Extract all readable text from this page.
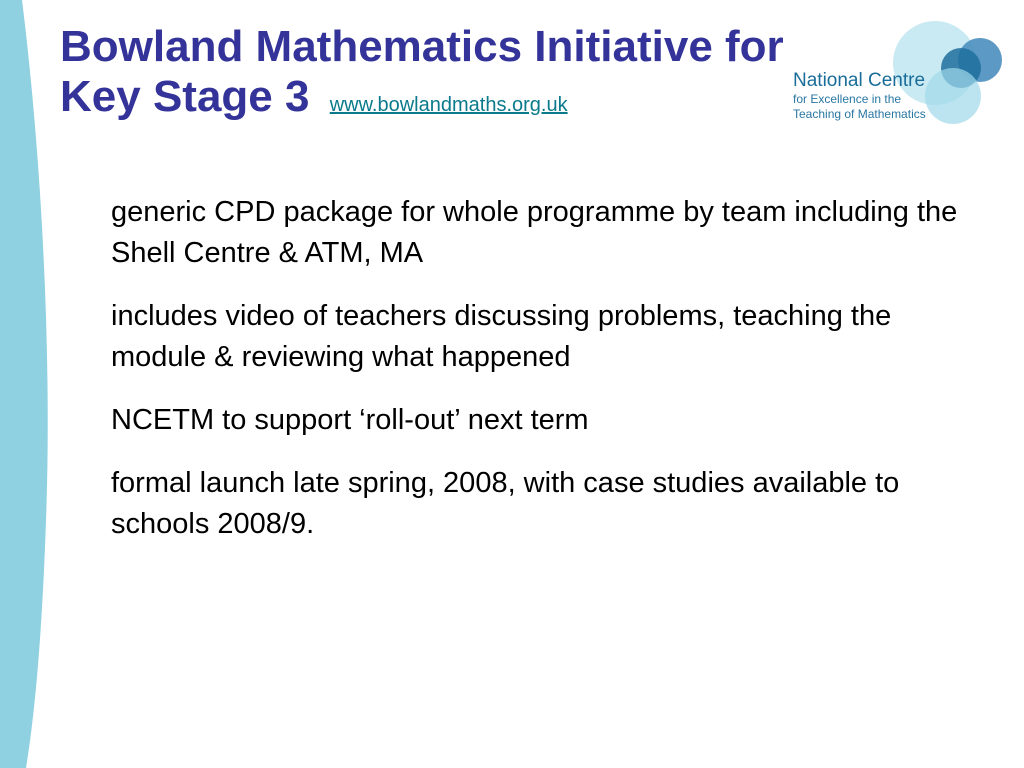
National Centre
for Excellence in the
Teaching of Mathematics
Bowland Mathematics Initiative for
Key Stage 3 www.bowlandmaths.org.uk
generic CPD package for whole programme by team including the Shell Centre & ATM, MA
includes video of teachers discussing problems, teaching the module & reviewing what happened
NCETM to support ‘roll-out’ next term
formal launch late spring, 2008, with case studies available to schools 2008/9.
